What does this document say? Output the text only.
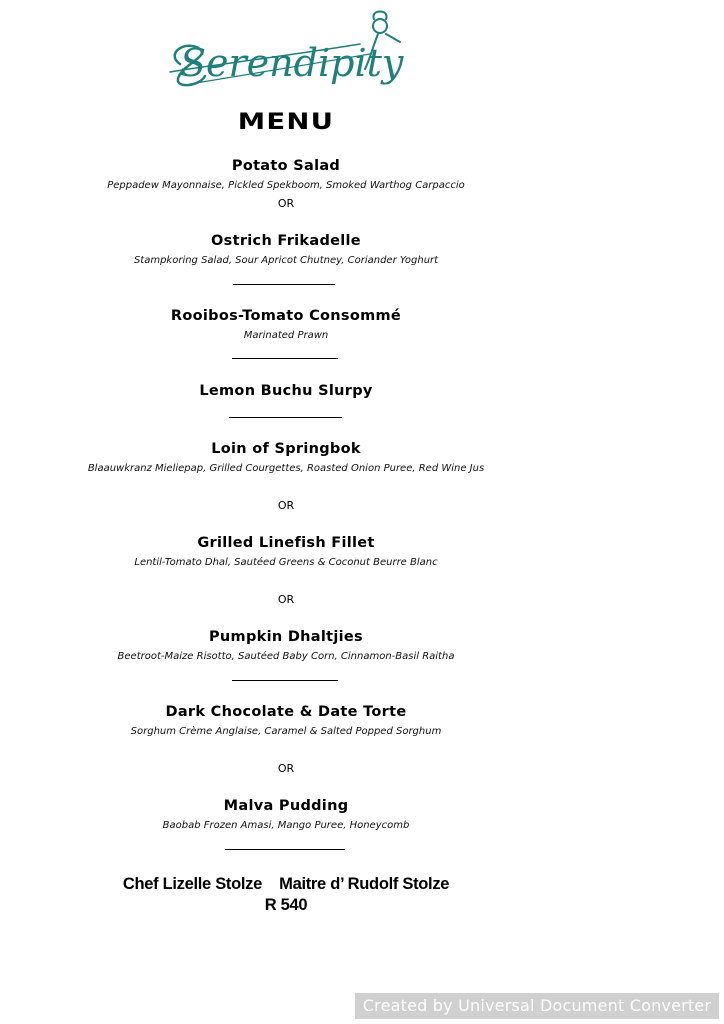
Serendipity
MENU
Potato Salad
Peppadew Mayonnaise, Pickled Spekboom, Smoked Warthog Carpaccio
OR
Ostrich Frikadelle
Stampkoring Salad, Sour Apricot Chutney, Coriander Yoghurt
Rooibos-Tomato Consommé
Marinated Prawn
Lemon Buchu Slurpy
Loin of Springbok
Blaauwkranz Mieliepap, Grilled Courgettes, Roasted Onion Puree, Red Wine Jus
OR
Grilled Linefish Fillet
Lentil-Tomato Dhal, Sautéed Greens & Coconut Beurre Blanc
OR
Pumpkin Dhaltjies
Beetroot-Maize Risotto, Sautéed Baby Corn, Cinnamon-Basil Raitha
Dark Chocolate & Date Torte
Sorghum Crème Anglaise, Caramel & Salted Popped Sorghum
OR
Malva Pudding
Baobab Frozen Amasi, Mango Puree, Honeycomb
Chef Lizelle Stolze    Maitre d’ Rudolf Stolze
R 540
Created by Universal Document Converter
